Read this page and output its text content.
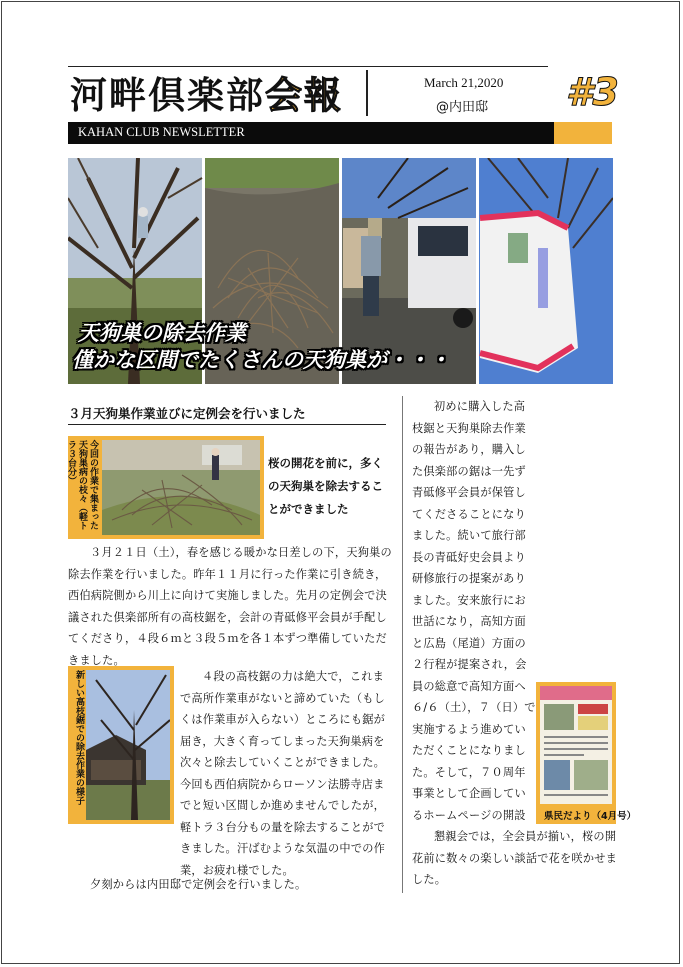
河畔倶楽部会報	March 21,2020
@内田邸 #3
KAHAN CLUB NEWSLETTER
天狗巣の除去作業
僅かな区間でたくさんの天狗巣が・・・
３月天狗巣作業並びに定例会を行いました
今回の作業で集まった天狗巣病の枝々（軽トラ３台分）	桜の開花を前に，多くの天狗巣を除去することができました
３月２１日（土），春を感じる暖かな日差しの下，天狗巣の除去作業を行いました。昨年１１月に行った作業に引き続き，西伯病院側から川上に向けて実施しました。先月の定例会で決議された倶楽部所有の高枝鋸を，会計の青砥修平会員が手配してくださり，４段６ｍと３段５ｍを各１本ずつ準備していただきました。
新しい高枝鋸での除去作業の様子	４段の高枝鋸の力は絶大で，これまで高所作業車がないと諦めていた（もしくは作業車が入らない）ところにも鋸が届き，大きく育ってしまった天狗巣病を次々と除去していくことができました。今回も西伯病院からローソン法勝寺店までと短い区間しか進めませんでしたが，軽トラ３台分もの量を除去することができました。汗ばむような気温の中での作業，お疲れ様でした。
夕刻からは内田邸で定例会を行いました。
初めに購入した高枝鋸と天狗巣除去作業の報告があり，購入した倶楽部の鋸は一先ず青砥修平会員が保管してくださることになりました。続いて旅行部長の青砥好史会員より研修旅行の提案がありました。安来旅行にお世話になり，高知方面と広島（尾道）方面の２行程が提案され，会員の総意で高知方面へ６/６（土），７（日）で実施するよう進めていただくことになりました。そして，７０周年事業として企画しているホームページの開設	県民だより（4月号）
懇親会では，全会員が揃い，桜の開花前に数々の楽しい談話で花を咲かせました。
